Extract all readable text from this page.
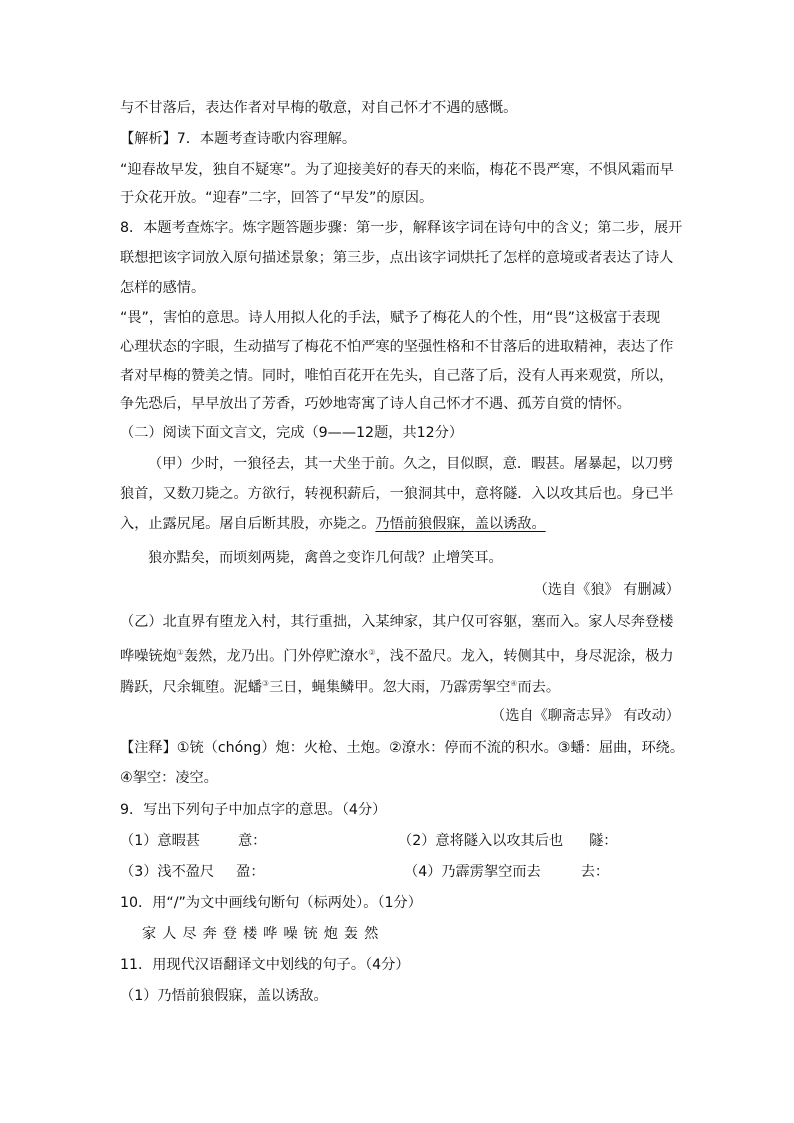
与不甘落后，表达作者对早梅的敬意，对自己怀才不遇的感慨。
【解析】7．本题考查诗歌内容理解。
“迎春故早发，独自不疑寒”。为了迎接美好的春天的来临，梅花不畏严寒，不惧风霜而早
于众花开放。“迎春”二字，回答了“早发”的原因。
8．本题考查炼字。炼字题答题步骤：第一步，解释该字词在诗句中的含义；第二步，展开
联想把该字词放入原句描述景象；第三步，点出该字词烘托了怎样的意境或者表达了诗人
怎样的感情。
“畏”，害怕的意思。诗人用拟人化的手法，赋予了梅花人的个性，用“畏”这极富于表现
心理状态的字眼，生动描写了梅花不怕严寒的坚强性格和不甘落后的进取精神，表达了作
者对早梅的赞美之情。同时，唯怕百花开在先头，自己落了后，没有人再来观赏，所以，
争先恐后，早早放出了芳香，巧妙地寄寓了诗人自己怀才不遇、孤芳自赏的情怀。
（二）阅读下面文言文，完成（9——12题，共12分）
（甲）少时，一狼径去，其一犬坐于前。久之，目似瞑，意．暇甚。屠暴起，以刀劈
狼首，又数刀毙之。方欲行，转视积薪后，一狼洞其中，意将隧．入以攻其后也。身已半
入，止露尻尾。屠自后断其股，亦毙之。乃悟前狼假寐，盖以诱敌。
狼亦黠矣，而顷刻两毙，禽兽之变诈几何哉？止增笑耳。
（选自《狼》 有删减）
（乙）北直界有堕龙入村，其行重拙，入某绅家，其户仅可容躯，塞而入。家人尽奔登楼
哗噪铳炮①轰然，龙乃出。门外停贮潦水②，浅不盈尺。龙入，转侧其中，身尽泥涂，极力
腾跃，尺余辄堕。泥蟠③三日，蝇集鳞甲。忽大雨，乃霹雳挐空④而去。
（选自《聊斋志异》 有改动）
【注释】①铳（chóng）炮：火枪、土炮。②潦水：停而不流的积水。③蟠：屈曲，环绕。
④挐空：凌空。
9．写出下列句子中加点字的意思。（4分）
（1）意暇甚	意：	（2）意将隧入以攻其后也 隧：
（3）浅不盈尺 盈：	（4）乃霹雳挐空而去	去：
10．用“/”为文中画线句断句（标两处）。（1分）
家人尽奔登楼哗噪铳炮轰然
11．用现代汉语翻译文中划线的句子。（4分）
（1）乃悟前狼假寐，盖以诱敌。
